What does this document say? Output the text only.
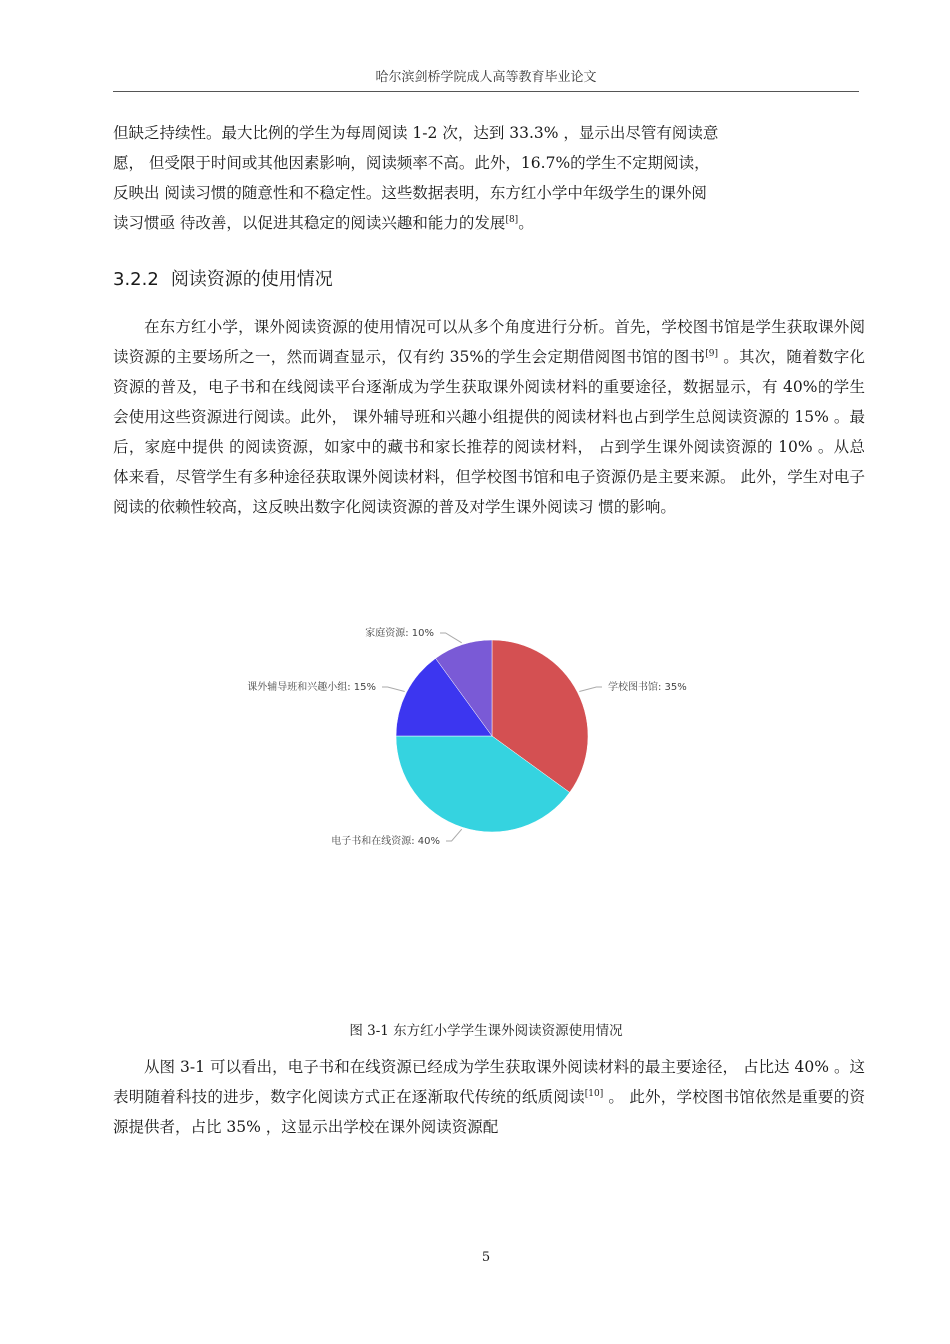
哈尔滨剑桥学院成人高等教育毕业论文

但缺乏持续性。最大比例的学生为每周阅读 1-2 次，达到 33.3% ，显示出尽管有阅读意

愿， 但受限于时间或其他因素影响，阅读频率不高。此外，16.7%的学生不定期阅读，

反映出 阅读习惯的随意性和不稳定性。这些数据表明，东方红小学中年级学生的课外阅

读习惯亟 待改善，以促进其稳定的阅读兴趣和能力的发展[8]。

3.2.2 阅读资源的使用情况

在东方红小学，课外阅读资源的使用情况可以从多个角度进行分析。首先，学校图书馆是学生获取课外阅读资源的主要场所之一，然而调查显示，仅有约 35%的学生会定期借阅图书馆的图书[9] 。其次，随着数字化资源的普及，电子书和在线阅读平台逐渐成为学生获取课外阅读材料的重要途径，数据显示，有 40%的学生会使用这些资源进行阅读。此外， 课外辅导班和兴趣小组提供的阅读材料也占到学生总阅读资源的 15% 。最后，家庭中提供 的阅读资源，如家中的藏书和家长推荐的阅读材料， 占到学生课外阅读资源的 10% 。从总 体来看，尽管学生有多种途径获取课外阅读材料，但学校图书馆和电子资源仍是主要来源。 此外，学生对电子阅读的依赖性较高，这反映出数字化阅读资源的普及对学生课外阅读习 惯的影响。

学校图书馆: 35%
电子书和在线资源: 40%
课外辅导班和兴趣小组: 15%
家庭资源: 10%
图 3-1 东方红小学学生课外阅读资源使用情况

从图 3-1 可以看出，电子书和在线资源已经成为学生获取课外阅读材料的最主要途径， 占比达 40% 。这表明随着科技的进步，数字化阅读方式正在逐渐取代传统的纸质阅读[10] 。 此外，学校图书馆依然是重要的资源提供者，占比 35% ，这显示出学校在课外阅读资源配

5
